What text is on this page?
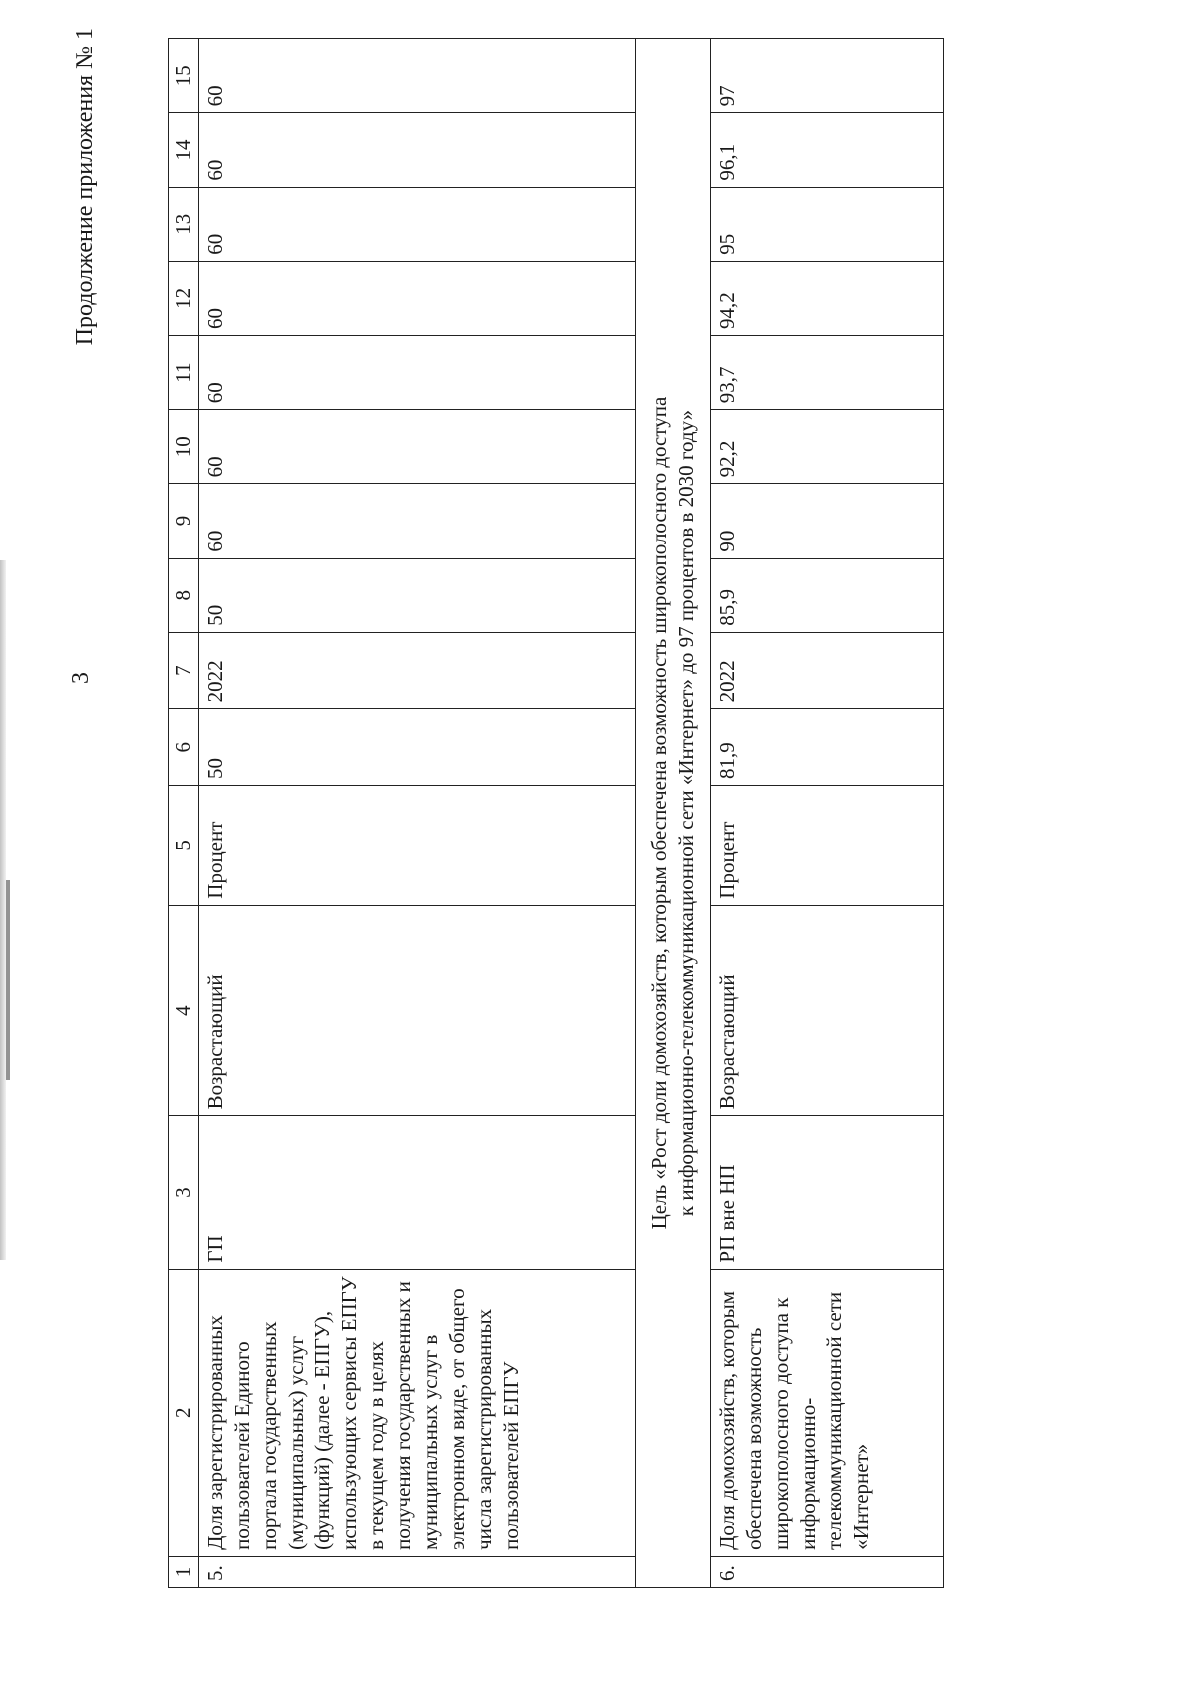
3
Продолжение приложения № 1
1	2	3	4	5	6	7	8	9	10	11	12	13	14	15
5.	Доля зарегистрированных пользователей Единого портала государственных (муниципальных) услуг (функций) (далее - ЕПГУ), использующих сервисы ЕПГУ в текущем году в целях получения государственных и муниципальных услуг в электронном виде, от общего числа зарегистрированных пользователей ЕПГУ	ГП	Возрастающий	Процент	50	2022	50	60	60	60	60	60	60	60

Цель «Рост доли домохозяйств, которым обеспечена возможность широкополосного доступа к информационно-телекоммуникационной сети «Интернет» до 97 процентов в 2030 году»														

6.	Доля домохозяйств, которым обеспечена возможность широкополосного доступа к информационно-телекоммуникационной сети «Интернет»	РП вне НП	Возрастающий	Процент	81,9	2022	85,9	90	92,2	93,7	94,2	95	96,1	97
